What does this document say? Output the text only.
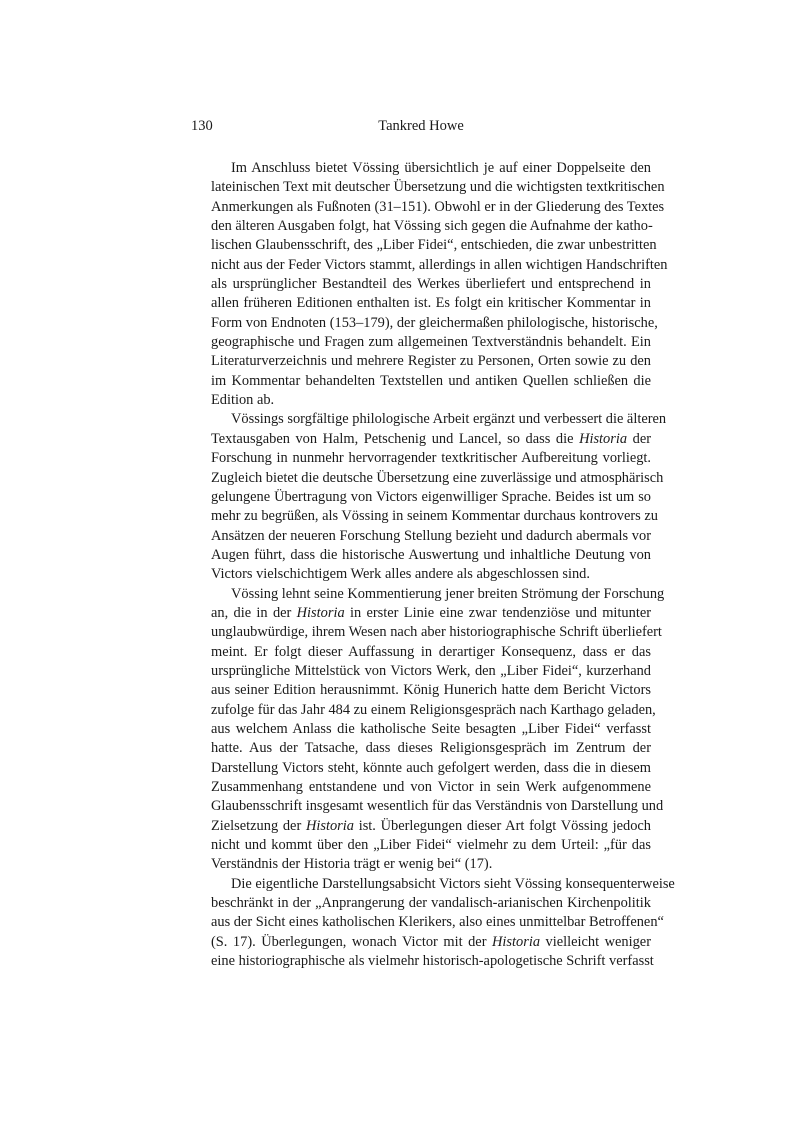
130	Tankred Howe
Im Anschluss bietet Vössing übersichtlich je auf einer Doppelseite den
lateinischen Text mit deutscher Übersetzung und die wichtigsten textkritischen
Anmerkungen als Fußnoten (31–151). Obwohl er in der Gliederung des Textes
den älteren Ausgaben folgt, hat Vössing sich gegen die Aufnahme der katho-
lischen Glaubensschrift, des „Liber Fidei“, entschieden, die zwar unbestritten
nicht aus der Feder Victors stammt, allerdings in allen wichtigen Handschriften
als ursprünglicher Bestandteil des Werkes überliefert und entsprechend in
allen früheren Editionen enthalten ist. Es folgt ein kritischer Kommentar in
Form von Endnoten (153–179), der gleichermaßen philologische, historische,
geographische und Fragen zum allgemeinen Textverständnis behandelt. Ein
Literaturverzeichnis und mehrere Register zu Personen, Orten sowie zu den
im Kommentar behandelten Textstellen und antiken Quellen schließen die
Edition ab.
Vössings sorgfältige philologische Arbeit ergänzt und verbessert die älteren
Textausgaben von Halm, Petschenig und Lancel, so dass die Historia der
Forschung in nunmehr hervorragender textkritischer Aufbereitung vorliegt.
Zugleich bietet die deutsche Übersetzung eine zuverlässige und atmosphärisch
gelungene Übertragung von Victors eigenwilliger Sprache. Beides ist um so
mehr zu begrüßen, als Vössing in seinem Kommentar durchaus kontrovers zu
Ansätzen der neueren Forschung Stellung bezieht und dadurch abermals vor
Augen führt, dass die historische Auswertung und inhaltliche Deutung von
Victors vielschichtigem Werk alles andere als abgeschlossen sind.
Vössing lehnt seine Kommentierung jener breiten Strömung der Forschung
an, die in der Historia in erster Linie eine zwar tendenziöse und mitunter
unglaubwürdige, ihrem Wesen nach aber historiographische Schrift überliefert
meint. Er folgt dieser Auffassung in derartiger Konsequenz, dass er das
ursprüngliche Mittelstück von Victors Werk, den „Liber Fidei“, kurzerhand
aus seiner Edition herausnimmt. König Hunerich hatte dem Bericht Victors
zufolge für das Jahr 484 zu einem Religionsgespräch nach Karthago geladen,
aus welchem Anlass die katholische Seite besagten „Liber Fidei“ verfasst
hatte. Aus der Tatsache, dass dieses Religionsgespräch im Zentrum der
Darstellung Victors steht, könnte auch gefolgert werden, dass die in diesem
Zusammenhang entstandene und von Victor in sein Werk aufgenommene
Glaubensschrift insgesamt wesentlich für das Verständnis von Darstellung und
Zielsetzung der Historia ist. Überlegungen dieser Art folgt Vössing jedoch
nicht und kommt über den „Liber Fidei“ vielmehr zu dem Urteil: „für das
Verständnis der Historia trägt er wenig bei“ (17).
Die eigentliche Darstellungsabsicht Victors sieht Vössing konsequenterweise
beschränkt in der „Anprangerung der vandalisch-arianischen Kirchenpolitik
aus der Sicht eines katholischen Klerikers, also eines unmittelbar Betroffenen“
(S. 17). Überlegungen, wonach Victor mit der Historia vielleicht weniger
eine historiographische als vielmehr historisch-apologetische Schrift verfasst
